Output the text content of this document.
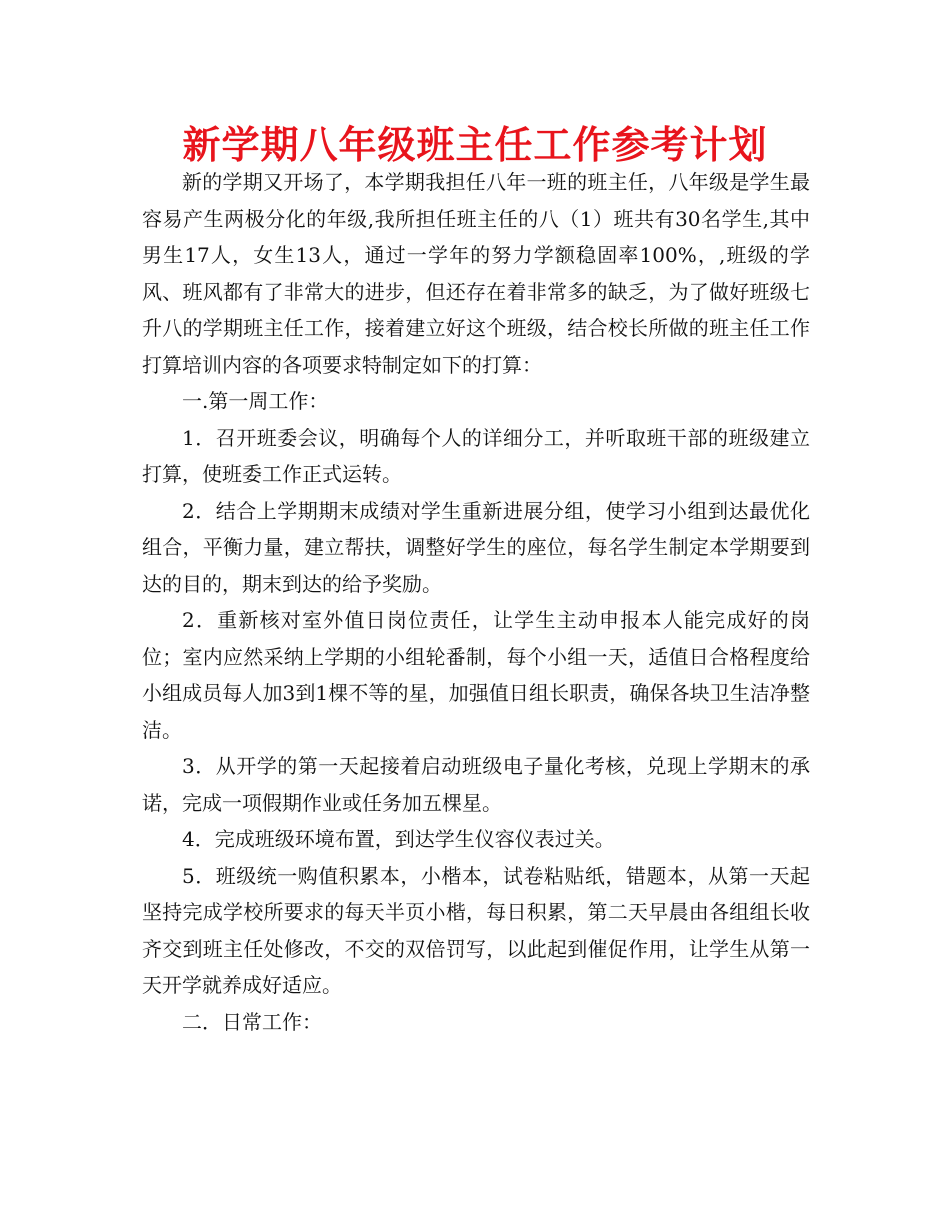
新学期八年级班主任工作参考计划

新的学期又开场了，本学期我担任八年一班的班主任，八年级是学生最容易产生两极分化的年级,我所担任班主任的八（1）班共有30名学生,其中男生17人，女生13人，通过一学年的努力学额稳固率100%，,班级的学风、班风都有了非常大的进步，但还存在着非常多的缺乏，为了做好班级七升八的学期班主任工作，接着建立好这个班级，结合校长所做的班主任工作打算培训内容的各项要求特制定如下的打算：

一.第一周工作：

1．召开班委会议，明确每个人的详细分工，并听取班干部的班级建立打算，使班委工作正式运转。

2．结合上学期期末成绩对学生重新进展分组，使学习小组到达最优化组合，平衡力量，建立帮扶，调整好学生的座位，每名学生制定本学期要到达的目的，期末到达的给予奖励。

2．重新核对室外值日岗位责任，让学生主动申报本人能完成好的岗位；室内应然采纳上学期的小组轮番制，每个小组一天，适值日合格程度给小组成员每人加3到1棵不等的星，加强值日组长职责，确保各块卫生洁净整洁。

3．从开学的第一天起接着启动班级电子量化考核，兑现上学期末的承诺，完成一项假期作业或任务加五棵星。

4．完成班级环境布置，到达学生仪容仪表过关。

5．班级统一购值积累本，小楷本，试卷粘贴纸，错题本，从第一天起坚持完成学校所要求的每天半页小楷，每日积累，第二天早晨由各组组长收齐交到班主任处修改，不交的双倍罚写，以此起到催促作用，让学生从第一天开学就养成好适应。

二．日常工作：
